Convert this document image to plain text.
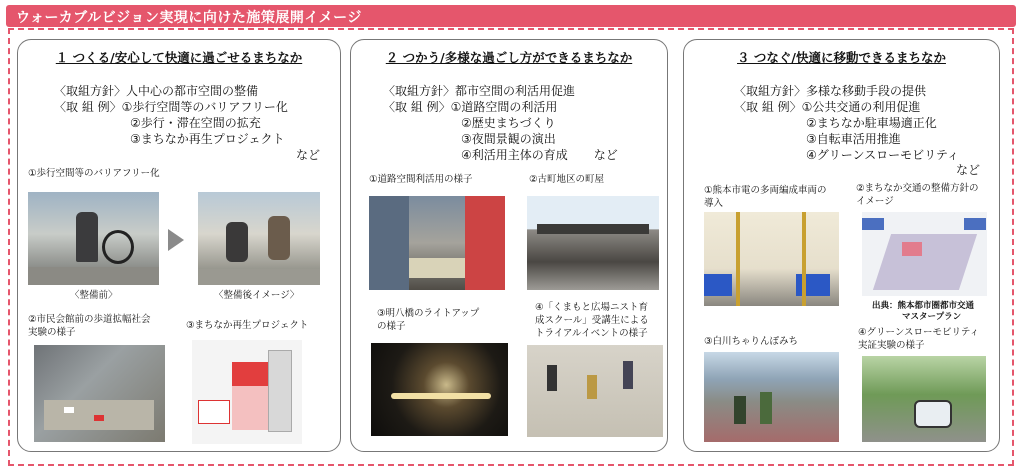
ウォーカブルビジョン実現に向けた施策展開イメージ
１ つくる/安心して快適に過ごせるまちなか
〈取組方針〉人中心の都市空間の整備
〈取 組 例〉①歩行空間等のバリアフリー化
②歩行・滞在空間の拡充
③まちなか再生プロジェクト
など
①歩行空間等のバリアフリー化
〈整備前〉	〈整備後イメージ〉
②市民会館前の歩道拡幅社会
実験の様子
③まちなか再生プロジェクト
２ つかう/多様な過ごし方ができるまちなか
〈取組方針〉都市空間の利活用促進
〈取 組 例〉①道路空間の利活用
②歴史まちづくり
③夜間景観の演出
④利活用主体の育成 など
①道路空間利活用の様子	②古町地区の町屋
③明八橋のライトアップ
の様子
④「くまもと広場ニスト育
成スクール」受講生による
トライアルイベントの様子
３ つなぐ/快適に移動できるまちなか
〈取組方針〉多様な移動手段の提供
〈取 組 例〉①公共交通の利用促進
②まちなか駐車場適正化
③自転車活用推進
④グリーンスローモビリティ
など
①熊本市電の多両編成車両の
導入
②まちなか交通の整備方針の
イメージ
出典：熊本都市圏都市交通
マスタープラン
③白川ちゃりんぽみち
④グリーンスローモビリティ
実証実験の様子
